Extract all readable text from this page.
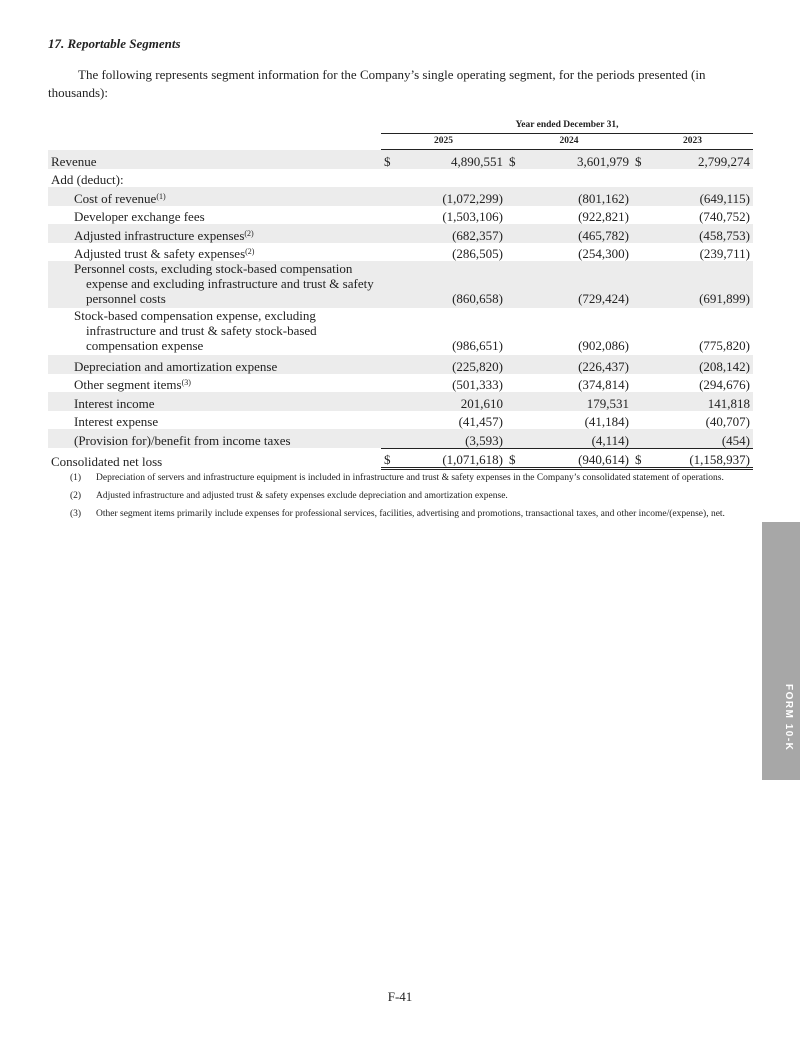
17. Reportable Segments
The following represents segment information for the Company’s single operating segment, for the periods presented (in thousands):
	Year ended December 31,					
	2025		2024		2023	
Revenue	$	4,890,551	$	3,601,979	$	2,799,274
Add (deduct):						
Cost of revenue$^{(1)}$		(1,072,299)		(801,162)		(649,115)
Developer exchange fees		(1,503,106)		(922,821)		(740,752)
Adjusted infrastructure expenses$^{(2)}$		(682,357)		(465,782)		(458,753)
Adjusted trust & safety expenses$^{(2)}$		(286,505)		(254,300)		(239,711)

Personnel costs, excluding stock-based compensation
expense and excluding infrastructure and trust & safety
personnel costs		(860,658)		(729,424)		(691,899)

Stock-based compensation expense, excluding
infrastructure and trust & safety stock-based
compensation expense		(986,651)		(902,086)		(775,820)
Depreciation and amortization expense		(225,820)		(226,437)		(208,142)
Other segment items$^{(3)}$		(501,333)		(374,814)		(294,676)
Interest income		201,610		179,531		141,818
Interest expense		(41,457)		(41,184)		(40,707)
(Provision for)/benefit from income taxes		(3,593)		(4,114)		(454)
Consolidated net loss	$	(1,071,618)	$	(940,614)	$	(1,158,937)
(1)	Depreciation of servers and infrastructure equipment is included in infrastructure and trust & safety expenses in the Company’s consolidated statement of operations.
(2)	Adjusted infrastructure and adjusted trust & safety expenses exclude depreciation and amortization expense.
(3)	Other segment items primarily include expenses for professional services, facilities, advertising and promotions, transactional taxes, and other income/(expense), net.
FORM 10-K
F-41
